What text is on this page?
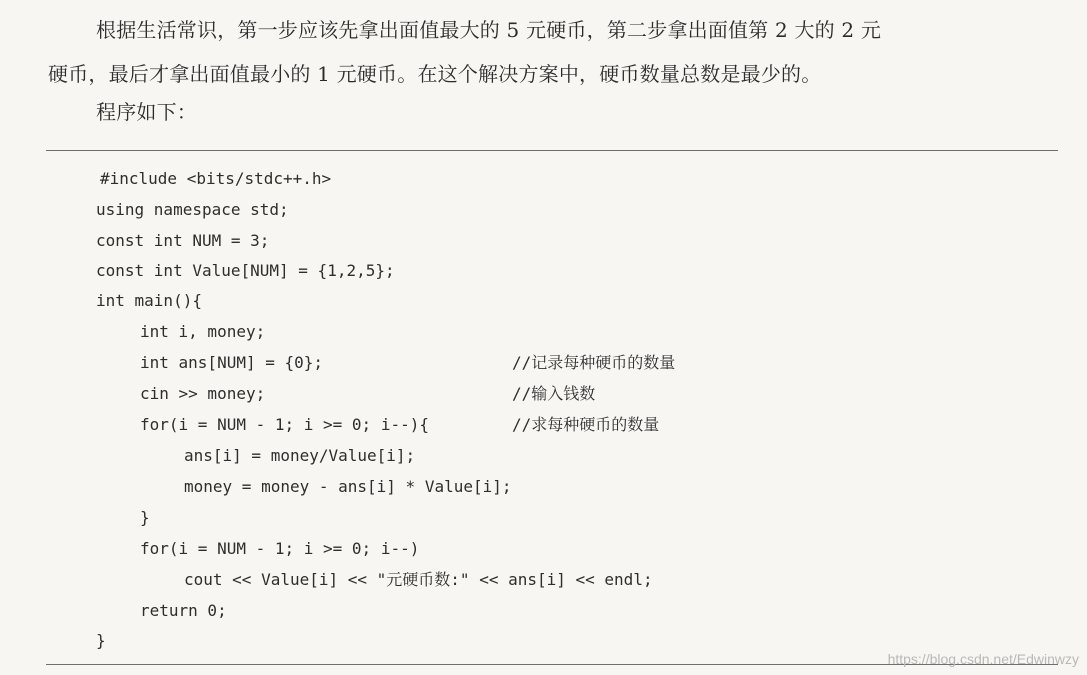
根据生活常识，第一步应该先拿出面值最大的 5 元硬币，第二步拿出面值第 2 大的 2 元
硬币，最后才拿出面值最小的 1 元硬币。在这个解决方案中，硬币数量总数是最少的。
程序如下：
#include <bits/stdc++.h>
using namespace std;
const int NUM = 3;
const int Value[NUM] = {1,2,5};
int main(){
int i, money;
int ans[NUM] = {0};	//记录每种硬币的数量
cin >> money;	//输入钱数
for(i = NUM - 1; i >= 0; i--){	//求每种硬币的数量
ans[i] = money/Value[i];
money = money - ans[i] * Value[i];
}
for(i = NUM - 1; i >= 0; i--)
cout << Value[i] << "元硬币数:" << ans[i] << endl;
return 0;
}
https://blog.csdn.net/Edwinwzy
